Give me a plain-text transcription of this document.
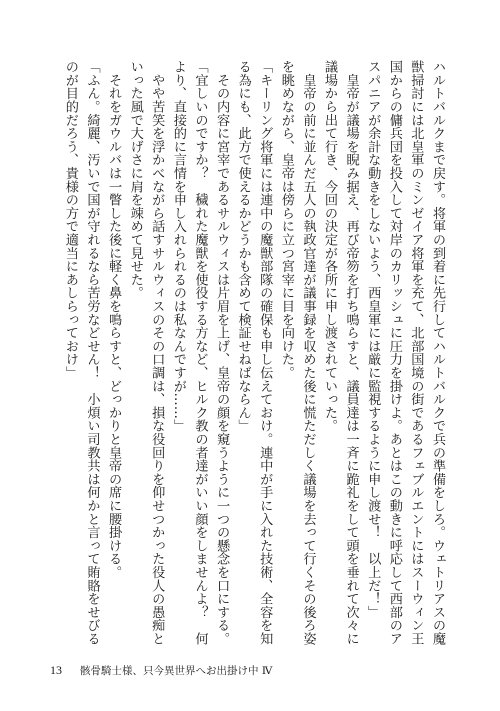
ハルトバルクまで戻す。将軍の到着に先行してハルトバルクで兵の準備をしろ。ウェトリアスの魔
獣掃討には北皇軍のミンゼイア将軍を充て、北部国境の街であるフェブルエントにはスーウィン王
国からの傭兵団を投入して対岸のカリッシュに圧力を掛けよ。あとはこの動きに呼応して西部のア
スパニアが余計な動きをしないよう、西皇軍には厳に監視するように申し渡せ！　以上だ！」
　皇帝が議場を睨み据え、再び帝笏を打ち鳴らすと、議員達は一斉に跪礼をして頭を垂れて次々に
議場から出て行き、今回の決定が各所に申し渡されていった。
　皇帝の前に並んだ五人の執政官達が議事録を収めた後に慌ただしく議場を去って行くその後ろ姿
を眺めながら、皇帝は傍らに立つ宮宰に目を向けた。
「キーリング将軍には連中の魔獣部隊の確保も申し伝えておけ。連中が手に入れた技術、全容を知
る為にも、此方で使えるかどうかも含めて検証せねばならん」
　その内容に宮宰であるサルウィスは片眉を上げ、皇帝の顔を窺うように一つの懸念を口にする。
「宜しいのですか？　穢れた魔獣を使役する方など、ヒルク教の者達がいい顔をしませんよ？　何
より、直接的に言情を申し入れられるのは私なんですが……」
　やや苦笑を浮かべながら話すサルウィスのその口調は、損な役回りを仰せつかった役人の愚痴と
いった風で大げさに肩を竦めて見せた。
　それをガウルバは一瞥した後に軽く鼻を鳴らすと、どっかりと皇帝の席に腰掛ける。
「ふん。綺麗、汚いで国が守れるなら苦労などせん！　小煩い司教共は何かと言って賄賂をせびる
のが目的だろう、貴様の方で適当にあしらっておけ」
13 骸骨騎士様、只今異世界へお出掛け中 Ⅳ
